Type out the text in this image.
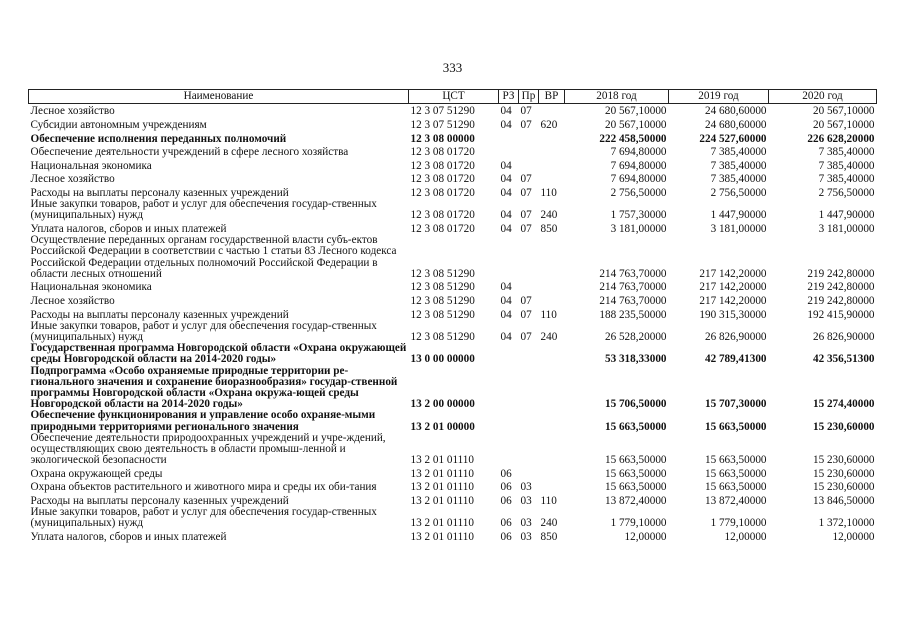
333
Наименование	ЦСТ	РЗ	Пр	ВР	2018 год	2019 год	2020 год
Лесное хозяйство	12 3 07 51290	04	07		20 567,10000	24 680,60000	20 567,10000
Субсидии автономным учреждениям	12 3 07 51290	04	07	620	20 567,10000	24 680,60000	20 567,10000
Обеспечение исполнения переданных полномочий	12 3 08 00000				222 458,50000	224 527,60000	226 628,20000
Обеспечение деятельности учреждений в сфере лесного хозяйства	12 3 08 01720				7 694,80000	7 385,40000	7 385,40000
Национальная экономика	12 3 08 01720	04			7 694,80000	7 385,40000	7 385,40000
Лесное хозяйство	12 3 08 01720	04	07		7 694,80000	7 385,40000	7 385,40000
Расходы на выплаты персоналу казенных учреждений	12 3 08 01720	04	07	110	2 756,50000	2 756,50000	2 756,50000
Иные закупки товаров, работ и услуг для обеспечения государ-ственных (муниципальных) нужд	12 3 08 01720	04	07	240	1 757,30000	1 447,90000	1 447,90000
Уплата налогов, сборов и иных платежей	12 3 08 01720	04	07	850	3 181,00000	3 181,00000	3 181,00000
Осуществление переданных органам государственной власти субъ-ектов Российской Федерации в соответствии с частью 1 статьи 83 Лесного кодекса Российской Федерации отдельных полномочий Российской Федерации в области лесных отношений	12 3 08 51290				214 763,70000	217 142,20000	219 242,80000
Национальная экономика	12 3 08 51290	04			214 763,70000	217 142,20000	219 242,80000
Лесное хозяйство	12 3 08 51290	04	07		214 763,70000	217 142,20000	219 242,80000
Расходы на выплаты персоналу казенных учреждений	12 3 08 51290	04	07	110	188 235,50000	190 315,30000	192 415,90000
Иные закупки товаров, работ и услуг для обеспечения государ-ственных (муниципальных) нужд	12 3 08 51290	04	07	240	26 528,20000	26 826,90000	26 826,90000
Государственная программа Новгородской области «Охрана окружающей среды Новгородской области на 2014-2020 годы»	13 0 00 00000				53 318,33000	42 789,41300	42 356,51300
Подпрограмма «Особо охраняемые природные территории ре-гионального значения и сохранение биоразнообразия» государ-ственной программы Новгородской области «Охрана окружа-ющей среды Новгородской области на 2014-2020 годы»	13 2 00 00000				15 706,50000	15 707,30000	15 274,40000
Обеспечение функционирования и управление особо охраняе-мыми природными территориями регионального значения	13 2 01 00000				15 663,50000	15 663,50000	15 230,60000
Обеспечение деятельности природоохранных учреждений и учре-ждений, осуществляющих свою деятельность в области промыш-ленной и экологической безопасности	13 2 01 01110				15 663,50000	15 663,50000	15 230,60000
Охрана окружающей среды	13 2 01 01110	06			15 663,50000	15 663,50000	15 230,60000
Охрана объектов растительного и животного мира и среды их оби-тания	13 2 01 01110	06	03		15 663,50000	15 663,50000	15 230,60000
Расходы на выплаты персоналу казенных учреждений	13 2 01 01110	06	03	110	13 872,40000	13 872,40000	13 846,50000
Иные закупки товаров, работ и услуг для обеспечения государ-ственных (муниципальных) нужд	13 2 01 01110	06	03	240	1 779,10000	1 779,10000	1 372,10000
Уплата налогов, сборов и иных платежей	13 2 01 01110	06	03	850	12,00000	12,00000	12,00000
